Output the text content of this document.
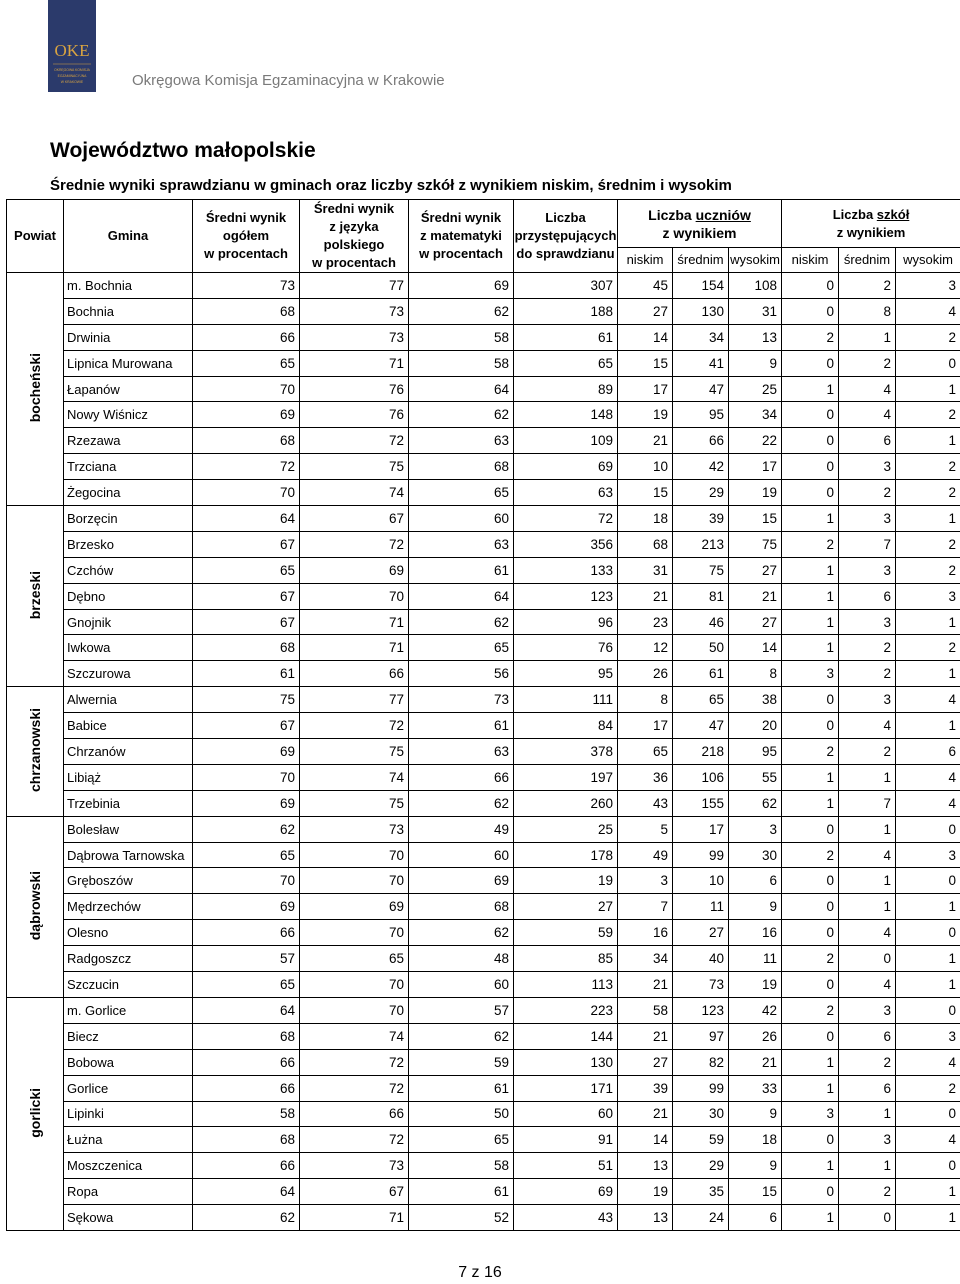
OKE
OKRĘGOWA KOMISJA
EGZAMINACYJNA
W KRAKOWIE	Okręgowa Komisja Egzaminacyjna w Krakowie
Województwo małopolskie
Średnie wyniki sprawdzianu w gminach oraz liczby szkół z wynikiem niskim, średnim i wysokim
Powiat	Gmina	Średni wynik
ogółem
w procentach	Średni wynik
z języka polskiego
w procentach	Średni wynik
z matematyki
w procentach	Liczba
przystępujących
do sprawdzianu	Liczba uczniów
z wynikiem			Liczba szkół
z wynikiem		
						niskim	średnim	wysokim	niskim	średnim	wysokim
bocheński	m. Bochnia	73	77	69	307	45	154	108	0	2	3
	Bochnia	68	73	62	188	27	130	31	0	8	4
	Drwinia	66	73	58	61	14	34	13	2	1	2
	Lipnica Murowana	65	71	58	65	15	41	9	0	2	0
	Łapanów	70	76	64	89	17	47	25	1	4	1
	Nowy Wiśnicz	69	76	62	148	19	95	34	0	4	2
	Rzezawa	68	72	63	109	21	66	22	0	6	1
	Trzciana	72	75	68	69	10	42	17	0	3	2
	Żegocina	70	74	65	63	15	29	19	0	2	2
brzeski	Borzęcin	64	67	60	72	18	39	15	1	3	1
	Brzesko	67	72	63	356	68	213	75	2	7	2
	Czchów	65	69	61	133	31	75	27	1	3	2
	Dębno	67	70	64	123	21	81	21	1	6	3
	Gnojnik	67	71	62	96	23	46	27	1	3	1
	Iwkowa	68	71	65	76	12	50	14	1	2	2
	Szczurowa	61	66	56	95	26	61	8	3	2	1
chrzanowski	Alwernia	75	77	73	111	8	65	38	0	3	4
	Babice	67	72	61	84	17	47	20	0	4	1
	Chrzanów	69	75	63	378	65	218	95	2	2	6
	Libiąż	70	74	66	197	36	106	55	1	1	4
	Trzebinia	69	75	62	260	43	155	62	1	7	4
dąbrowski	Bolesław	62	73	49	25	5	17	3	0	1	0
	Dąbrowa Tarnowska	65	70	60	178	49	99	30	2	4	3
	Gręboszów	70	70	69	19	3	10	6	0	1	0
	Mędrzechów	69	69	68	27	7	11	9	0	1	1
	Olesno	66	70	62	59	16	27	16	0	4	0
	Radgoszcz	57	65	48	85	34	40	11	2	0	1
	Szczucin	65	70	60	113	21	73	19	0	4	1
gorlicki	m. Gorlice	64	70	57	223	58	123	42	2	3	0
	Biecz	68	74	62	144	21	97	26	0	6	3
	Bobowa	66	72	59	130	27	82	21	1	2	4
	Gorlice	66	72	61	171	39	99	33	1	6	2
	Lipinki	58	66	50	60	21	30	9	3	1	0
	Łużna	68	72	65	91	14	59	18	0	3	4
	Moszczenica	66	73	58	51	13	29	9	1	1	0
	Ropa	64	67	61	69	19	35	15	0	2	1
	Sękowa	62	71	52	43	13	24	6	1	0	1
7 z 16
